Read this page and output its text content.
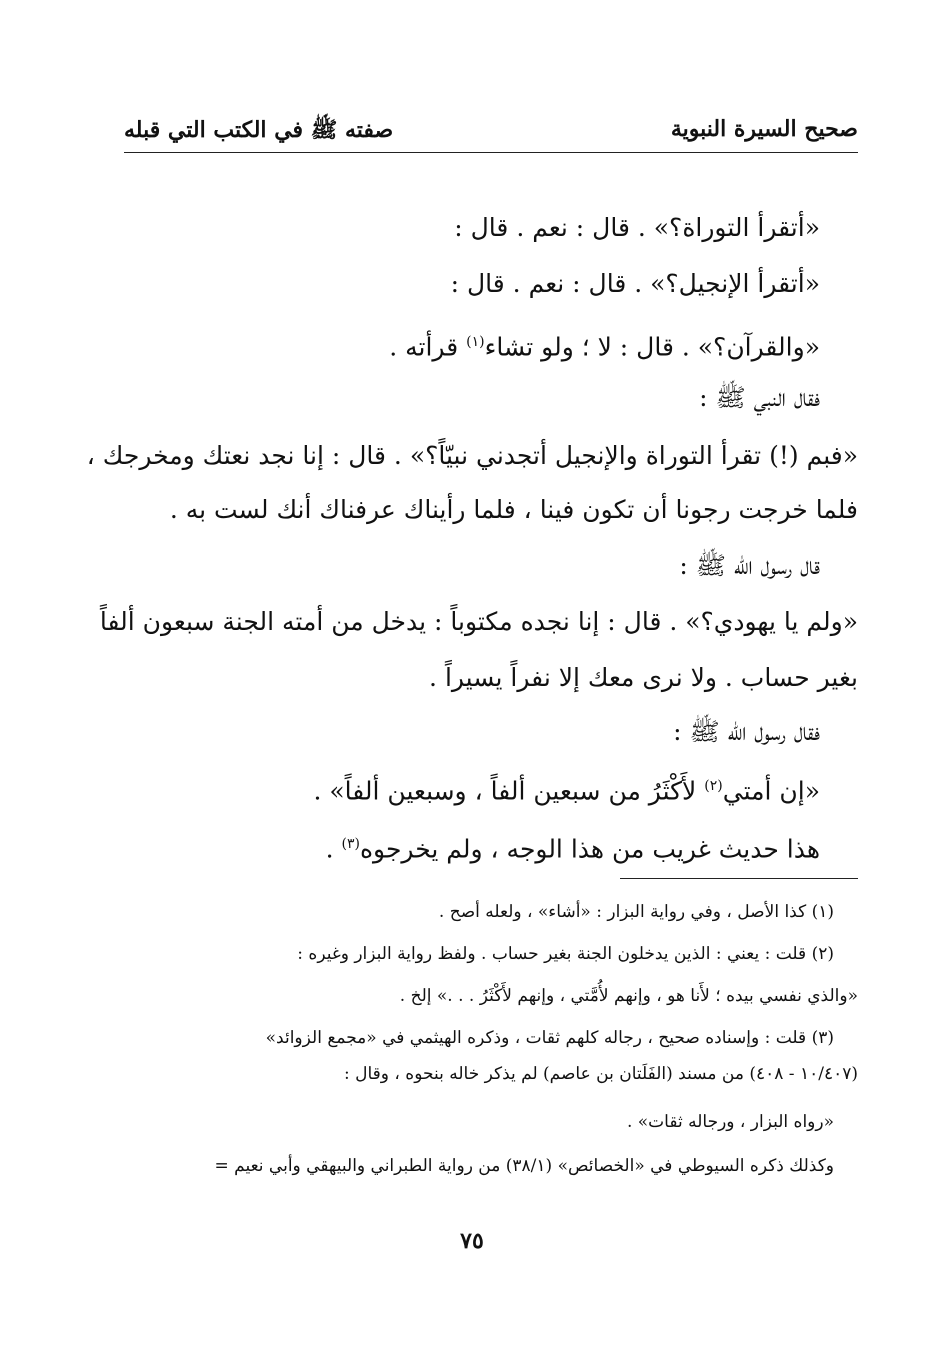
صحيح السيرة النبوية
صفته ﷺ في الكتب التي قبله
«أتقرأ التوراة؟» . قال : نعم . قال :
«أتقرأ الإنجيل؟» . قال : نعم . قال :
«والقرآن؟» . قال : لا ؛ ولو تشاء$^{(١)}$ قرأته .
فقال النبي ﷺ :
«فبم (!) تقرأ التوراة والإنجيل أتجدني نبيّاً؟» . قال : إنا نجد نعتك ومخرجك ،
فلما خرجت رجونا أن تكون فينا ، فلما رأيناك عرفناك أنك لست به .
قال رسول الله ﷺ :
«ولم يا يهودي؟» . قال : إنا نجده مكتوباً : يدخل من أمته الجنة سبعون ألفاً
بغير حساب . ولا نرى معك إلا نفراً يسيراً .
فقال رسول الله ﷺ :
«إن أمتي$^{(٢)}$ لأَكْثَرُ من سبعين ألفاً ، وسبعين ألفاً» .
هذا حديث غريب من هذا الوجه ، ولم يخرجوه$^{(٣)}$ .
(١) كذا الأصل ، وفي رواية البزار : «أشاء» ، ولعله أصح .
(٢) قلت : يعني : الذين يدخلون الجنة بغير حساب . ولفظ رواية البزار وغيره :
«والذي نفسي بيده ؛ لأَنا هو ، وإنهم لأُمَّتي ، وإنهم لأَكْثَرُ . . .» إلخ .
(٣) قلت : وإسناده صحيح ، رجاله كلهم ثقات ، وذكره الهيثمي في «مجمع الزوائد»
(١٠/٤٠٧ - ٤٠٨) من مسند (الفَلَتان بن عاصم) لم يذكر خاله بنحوه ، وقال :
«رواه البزار ، ورجاله ثقات» .
وكذلك ذكره السيوطي في «الخصائص» (٣٨/١) من رواية الطبراني والبيهقي وأبي نعيم =
٧٥
